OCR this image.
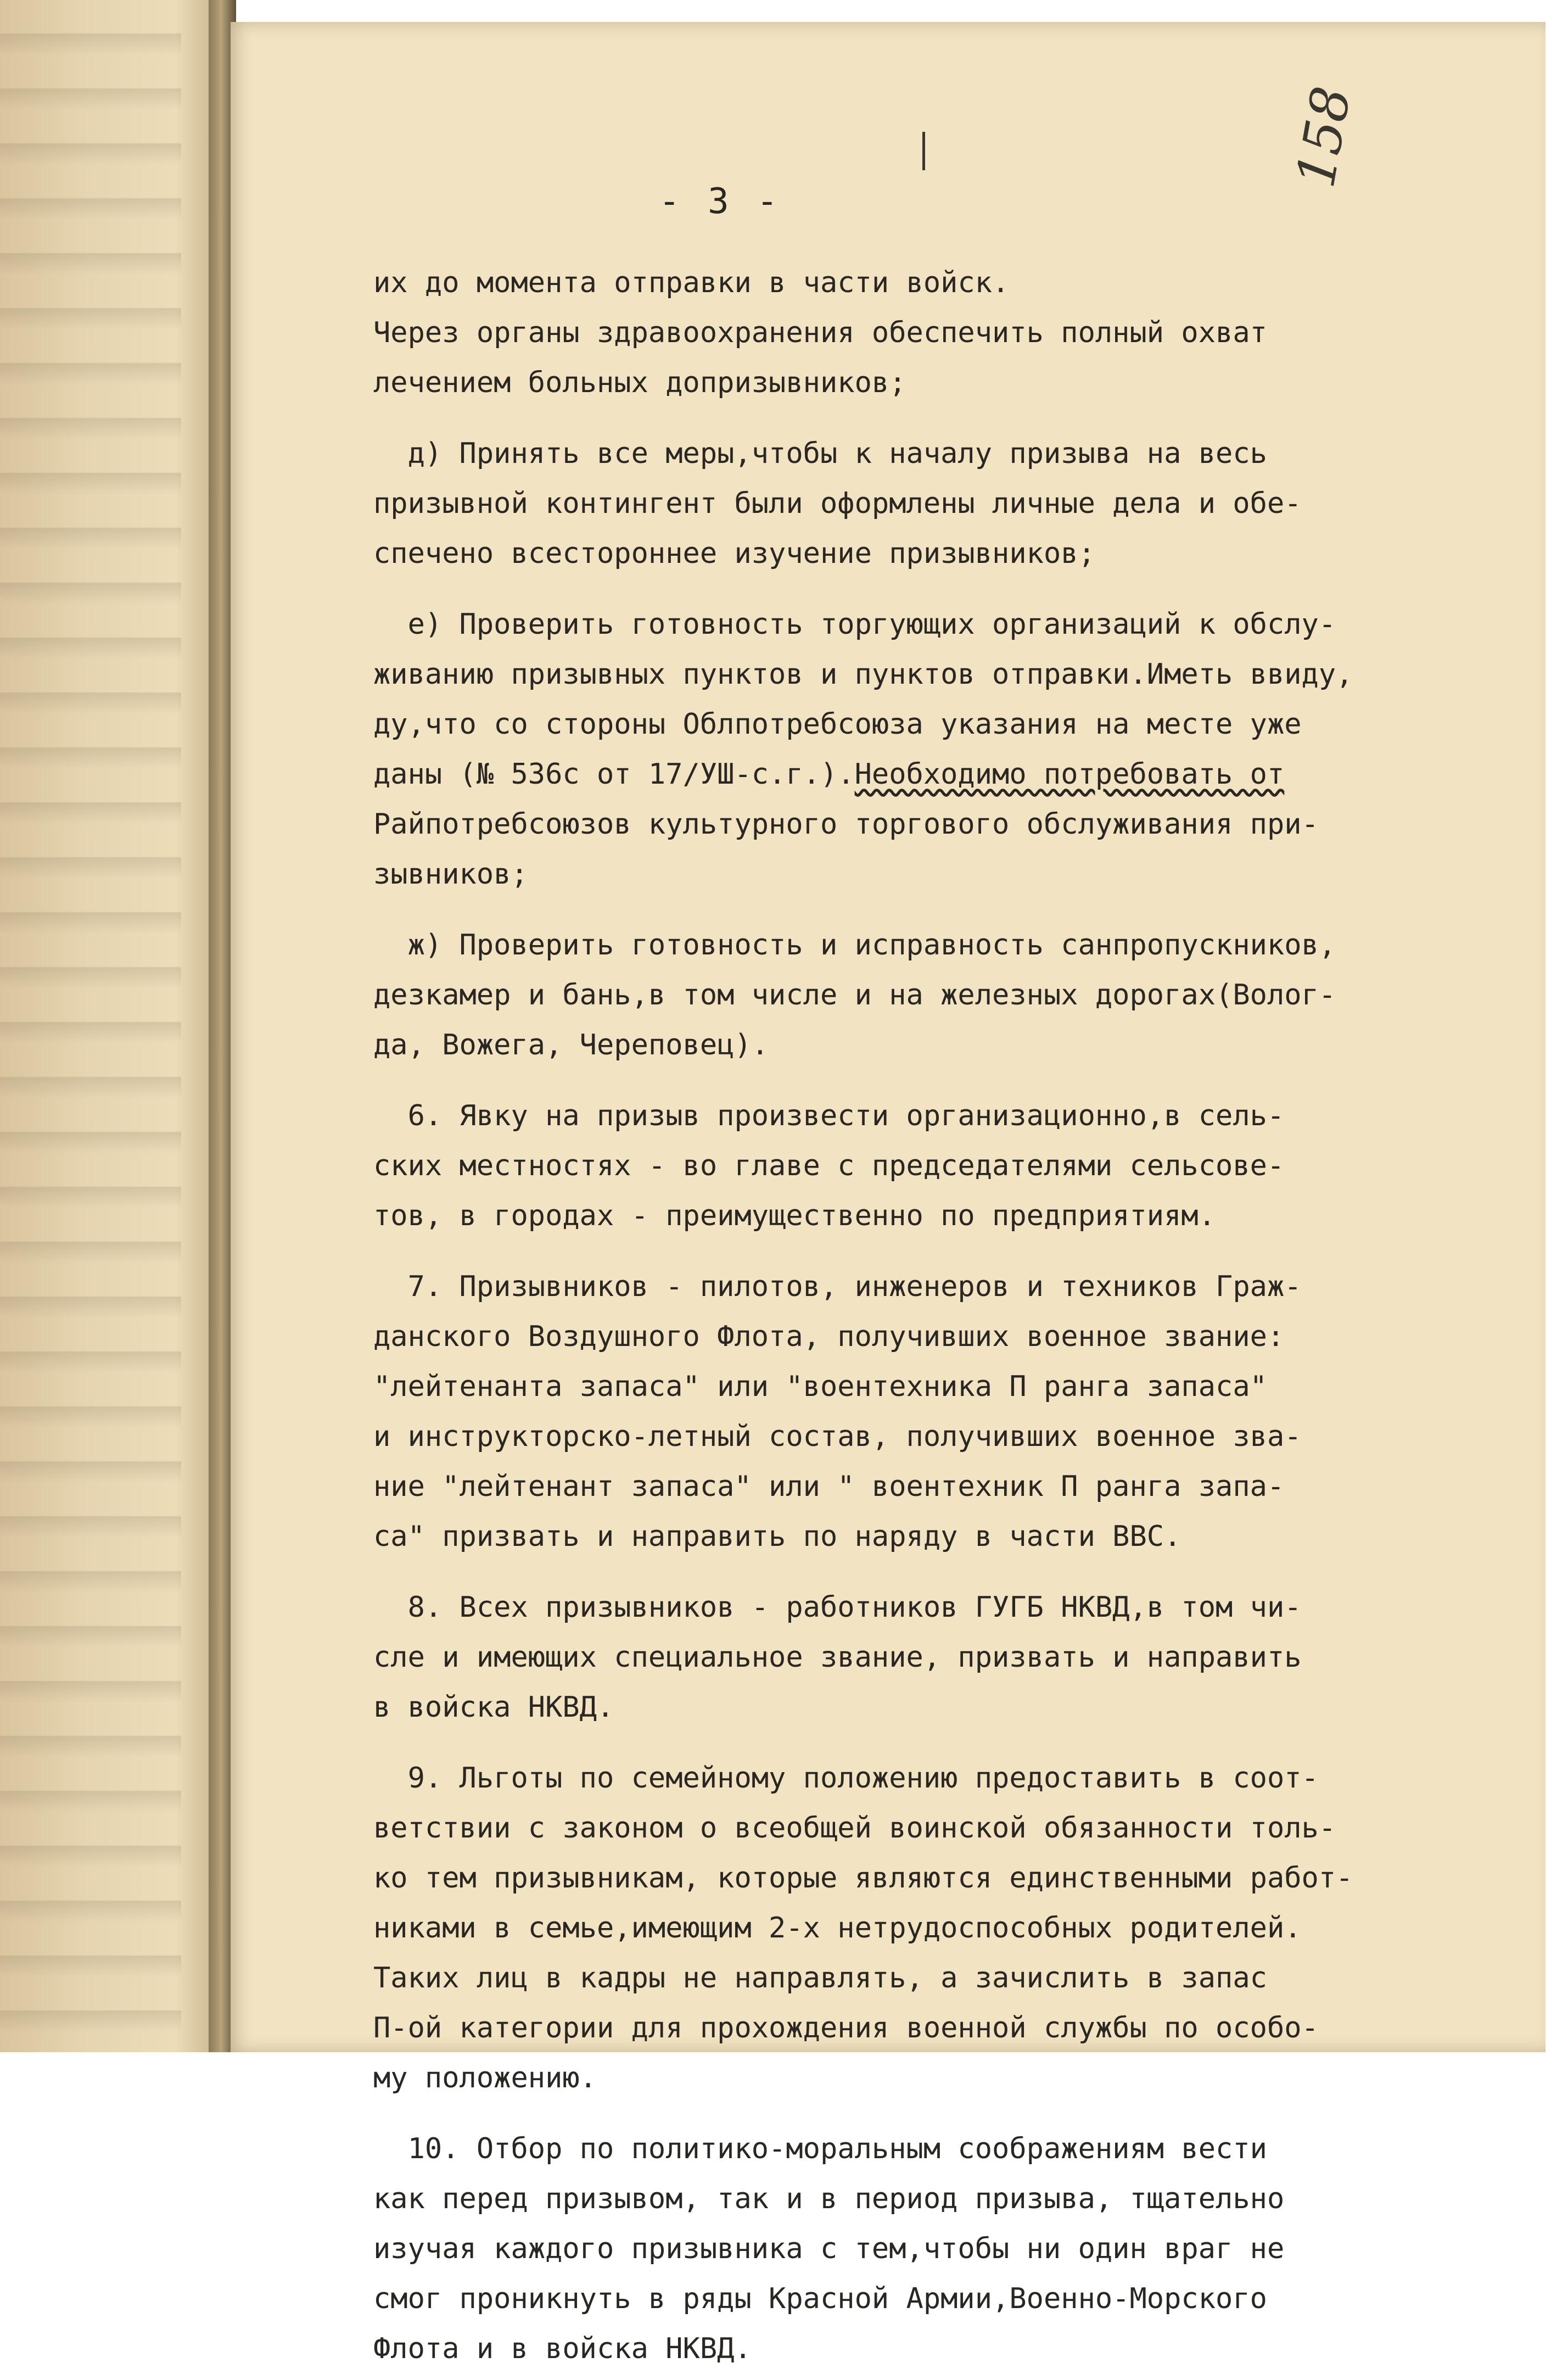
- 3 -
158
их до момента отправки в части войск.
Через органы здравоохранения обеспечить полный охват
лечением больных допризывников;
д) Принять все меры,чтобы к началу призыва на весь
призывной контингент были оформлены личные дела и обе-
спечено всестороннее изучение призывников;
е) Проверить готовность торгующих организаций к обслу-
живанию призывных пунктов и пунктов отправки.Иметь ввиду,
ду,что со стороны Облпотребсоюза указания на месте уже
даны (№ 536с от 17/УШ-с.г.).Необходимо потребовать от
Райпотребсоюзов культурного торгового обслуживания при-
зывников;
ж) Проверить готовность и исправность санпропускников,
дезкамер и бань,в том числе и на железных дорогах(Волог-
да, Вожега, Череповец).
6. Явку на призыв произвести организационно,в сель-
ских местностях - во главе с председателями сельсове-
тов, в городах - преимущественно по предприятиям.
7. Призывников - пилотов, инженеров и техников Граж-
данского Воздушного Флота, получивших военное звание:
"лейтенанта запаса" или "воентехника П ранга запаса"
и инструкторско-летный состав, получивших военное зва-
ние "лейтенант запаса" или " воентехник П ранга запа-
са" призвать и направить по наряду в части ВВС.
8. Всех призывников - работников ГУГБ НКВД,в том чи-
сле и имеющих специальное звание, призвать и направить
в войска НКВД.
9. Льготы по семейному положению предоставить в соот-
ветствии с законом о всеобщей воинской обязанности толь-
ко тем призывникам, которые являются единственными работ-
никами в семье,имеющим 2-х нетрудоспособных родителей.
Таких лиц в кадры не направлять, а зачислить в запас
П-ой категории для прохождения военной службы по особо-
му положению.
10. Отбор по политико-моральным соображениям вести
как перед призывом, так и в период призыва, тщательно
изучая каждого призывника с тем,чтобы ни один враг не
смог проникнуть в ряды Красной Армии,Военно-Морского
Флота и в войска НКВД.
